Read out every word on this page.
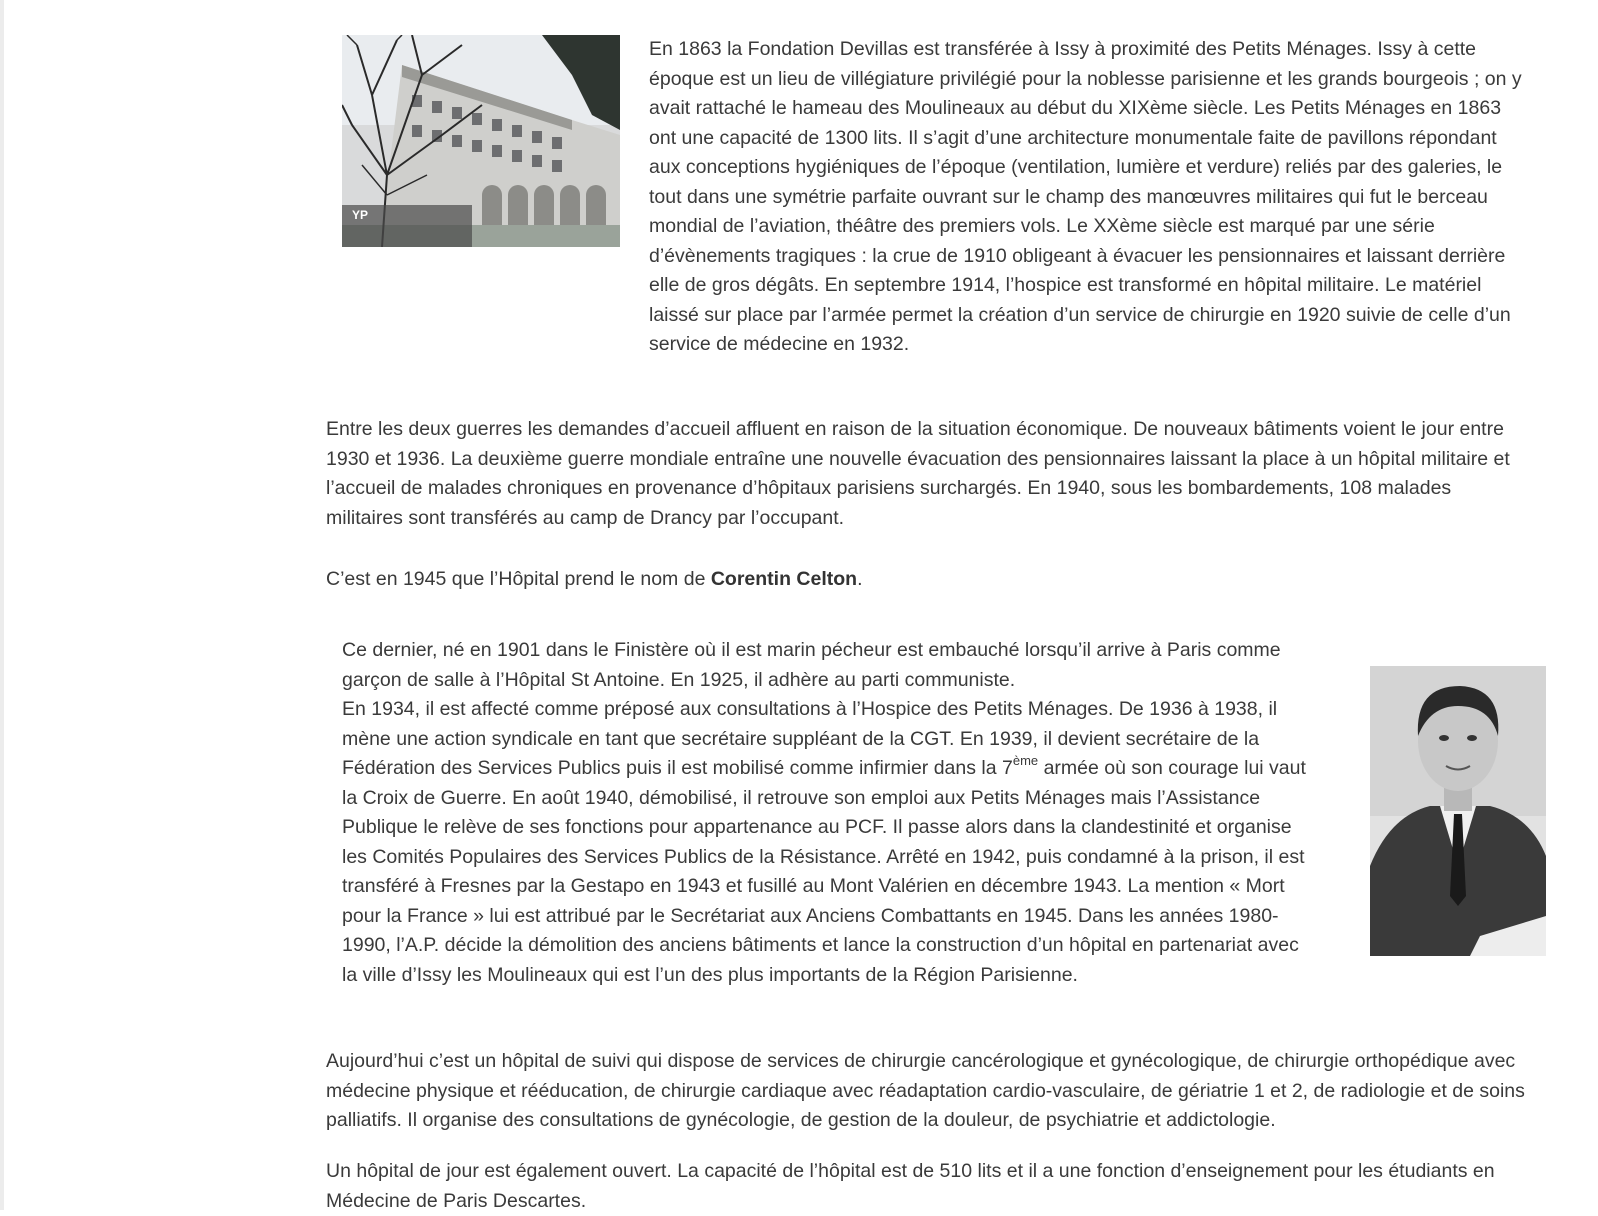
YP

En 1863 la Fondation Devillas est transférée à Issy à proximité des Petits Ménages. Issy à cette

époque est un lieu de villégiature privilégié pour la noblesse parisienne et les grands bourgeois ; on y

avait rattaché le hameau des Moulineaux au début du XIXème siècle. Les Petits Ménages en 1863

ont une capacité de 1300 lits. Il s’agit d’une architecture monumentale faite de pavillons répondant

aux conceptions hygiéniques de l’époque (ventilation, lumière et verdure) reliés par des galeries, le

tout dans une symétrie parfaite ouvrant sur le champ des manœuvres militaires qui fut le berceau

mondial de l’aviation, théâtre des premiers vols. Le XXème siècle est marqué par une série

d’évènements tragiques : la crue de 1910 obligeant à évacuer les pensionnaires et laissant derrière

elle de gros dégâts. En septembre 1914, l’hospice est transformé en hôpital militaire. Le matériel

laissé sur place par l’armée permet la création d’un service de chirurgie en 1920 suivie de celle d’un

service de médecine en 1932.

Entre les deux guerres les demandes d’accueil affluent en raison de la situation économique. De nouveaux bâtiments voient le jour entre

1930 et 1936. La deuxième guerre mondiale entraîne une nouvelle évacuation des pensionnaires laissant la place à un hôpital militaire et

l’accueil de malades chroniques en provenance d’hôpitaux parisiens surchargés. En 1940, sous les bombardements, 108 malades

militaires sont transférés au camp de Drancy par l’occupant.

C’est en 1945 que l’Hôpital prend le nom de Corentin Celton.

Ce dernier, né en 1901 dans le Finistère où il est marin pécheur est embauché lorsqu’il arrive à Paris comme

garçon de salle à l’Hôpital St Antoine. En 1925, il adhère au parti communiste.

En 1934, il est affecté comme préposé aux consultations à l’Hospice des Petits Ménages. De 1936 à 1938, il

mène une action syndicale en tant que secrétaire suppléant de la CGT. En 1939, il devient secrétaire de la

Fédération des Services Publics puis il est mobilisé comme infirmier dans la 7ème armée où son courage lui vaut

la Croix de Guerre. En août 1940, démobilisé, il retrouve son emploi aux Petits Ménages mais l’Assistance

Publique le relève de ses fonctions pour appartenance au PCF. Il passe alors dans la clandestinité et organise

les Comités Populaires des Services Publics de la Résistance. Arrêté en 1942, puis condamné à la prison, il est

transféré à Fresnes par la Gestapo en 1943 et fusillé au Mont Valérien en décembre 1943. La mention « Mort

pour la France » lui est attribué par le Secrétariat aux Anciens Combattants en 1945. Dans les années 1980-

1990, l’A.P. décide la démolition des anciens bâtiments et lance la construction d’un hôpital en partenariat avec

la ville d’Issy les Moulineaux qui est l’un des plus importants de la Région Parisienne.

Aujourd’hui c’est un hôpital de suivi qui dispose de services de chirurgie cancérologique et gynécologique, de chirurgie orthopédique avec

médecine physique et rééducation, de chirurgie cardiaque avec réadaptation cardio-vasculaire, de gériatrie 1 et 2, de radiologie et de soins

palliatifs. Il organise des consultations de gynécologie, de gestion de la douleur, de psychiatrie et addictologie.

Un hôpital de jour est également ouvert. La capacité de l’hôpital est de 510 lits et il a une fonction d’enseignement pour les étudiants en

Médecine de Paris Descartes.
